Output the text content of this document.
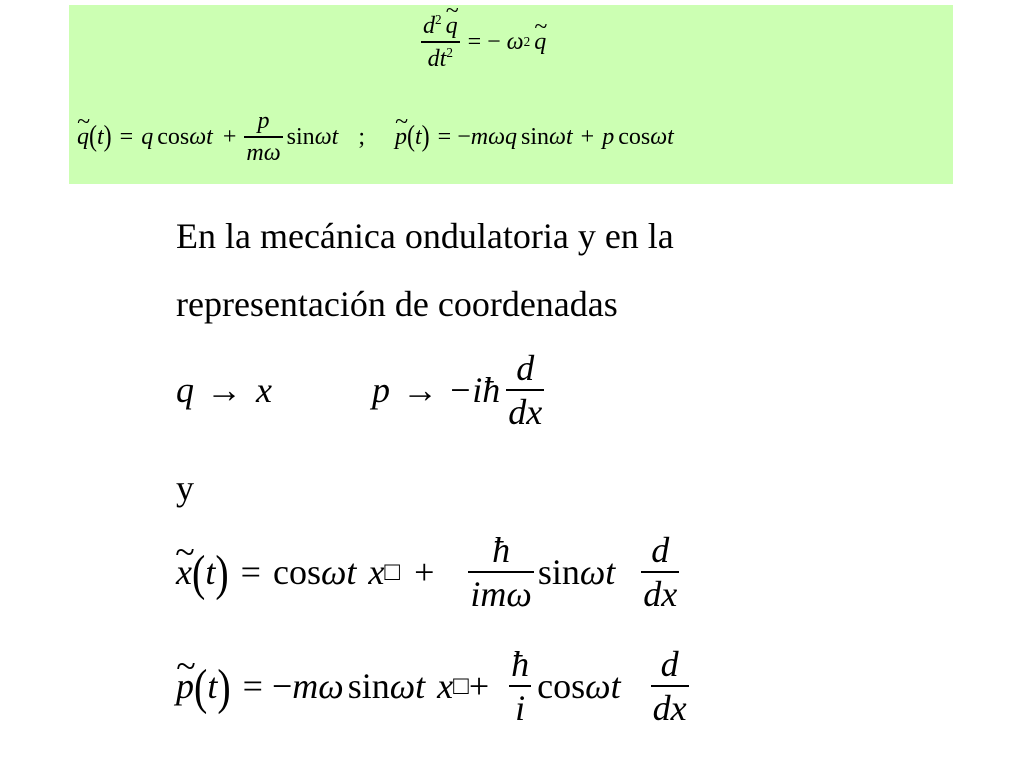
$\frac{d^2 \sim q}{dt^2}$ = − ω 2 ~ q
~ q ( t ) = q $\cos \omega t + \frac{p}{m\omega}$ sin ωt ; ~ p ( t ) = − mωq sin ωt + p cos ωt
En la mecánica ondulatoria y en la
representación de coordenadas
q → x	p → −iħ $\frac{d}{dx}$
y
~ x ( t ) = cos ωt x □ + $\frac{ħ}{\text{imω}}$ sin ωt $\frac{d}{dx}$
~ p ( t ) = − mω sin ωt x □ + $\frac{ħ}{i}$ cos ωt $\frac{d}{dx}$
